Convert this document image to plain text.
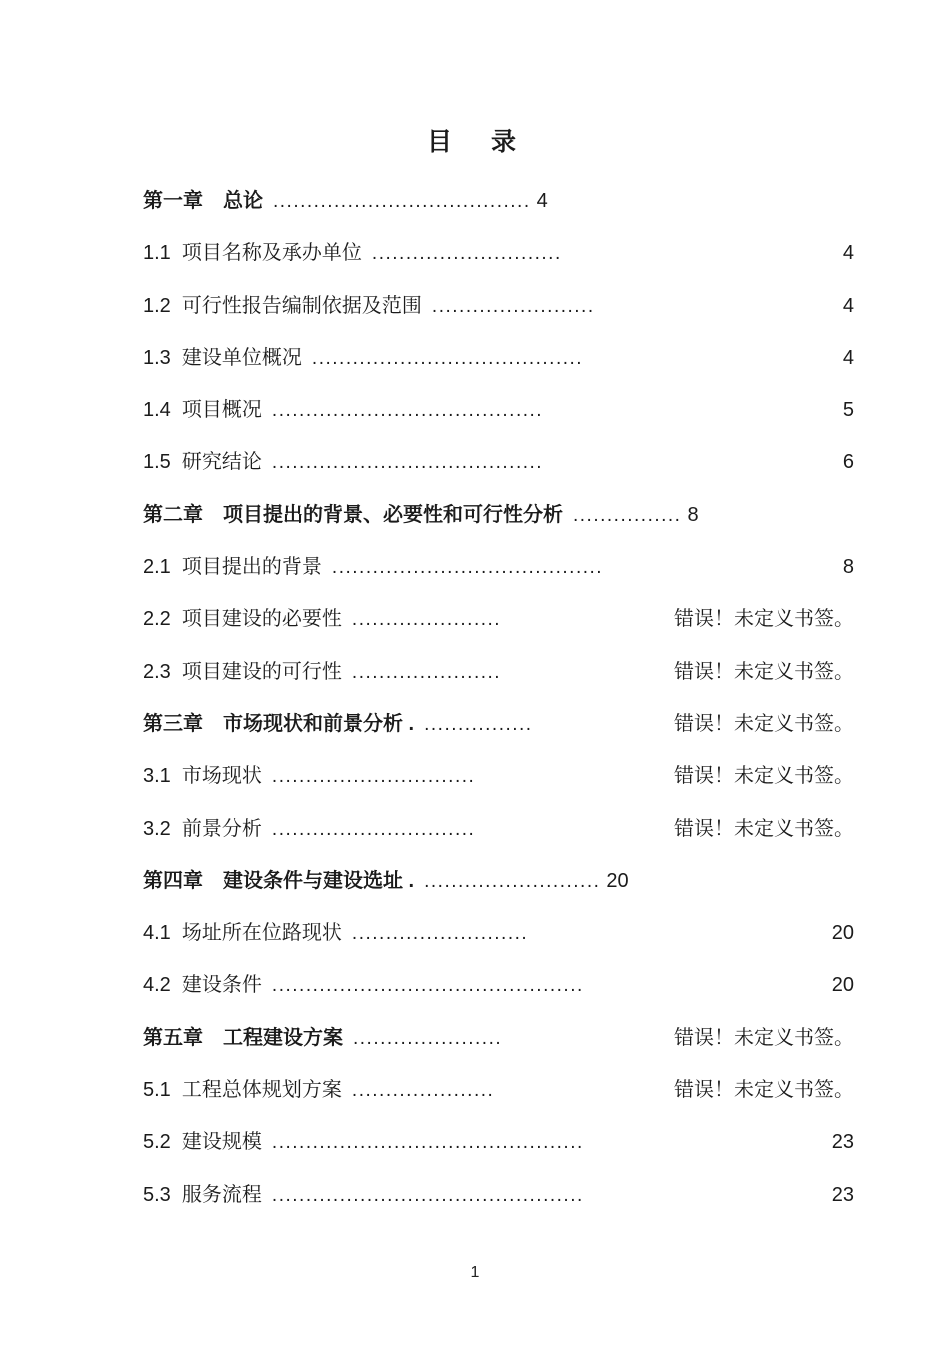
目　录
第一章　总论 ...................................... 4
1.1  项目名称及承办单位 ............................	4
1.2  可行性报告编制依据及范围 ........................	4
1.3  建设单位概况 ........................................	4
1.4  项目概况 ........................................	5
1.5  研究结论 ........................................	6
第二章　项目提出的背景、必要性和可行性分析 ................ 8
2.1  项目提出的背景 ........................................	8
2.2  项目建设的必要性 ......................	错误！未定义书签。
2.3  项目建设的可行性 ......................	错误！未定义书签。
第三章　市场现状和前景分析 . ................	错误！未定义书签。
3.1  市场现状 ..............................	错误！未定义书签。
3.2  前景分析 ..............................	错误！未定义书签。
第四章　建设条件与建设选址 . .......................... 20
4.1  场址所在位路现状 ..........................	20
4.2  建设条件 ..............................................	20
第五章　工程建设方案 ......................	错误！未定义书签。
5.1  工程总体规划方案 .....................	错误！未定义书签。
5.2  建设规模 ..............................................	23
5.3  服务流程 ..............................................	23
1
